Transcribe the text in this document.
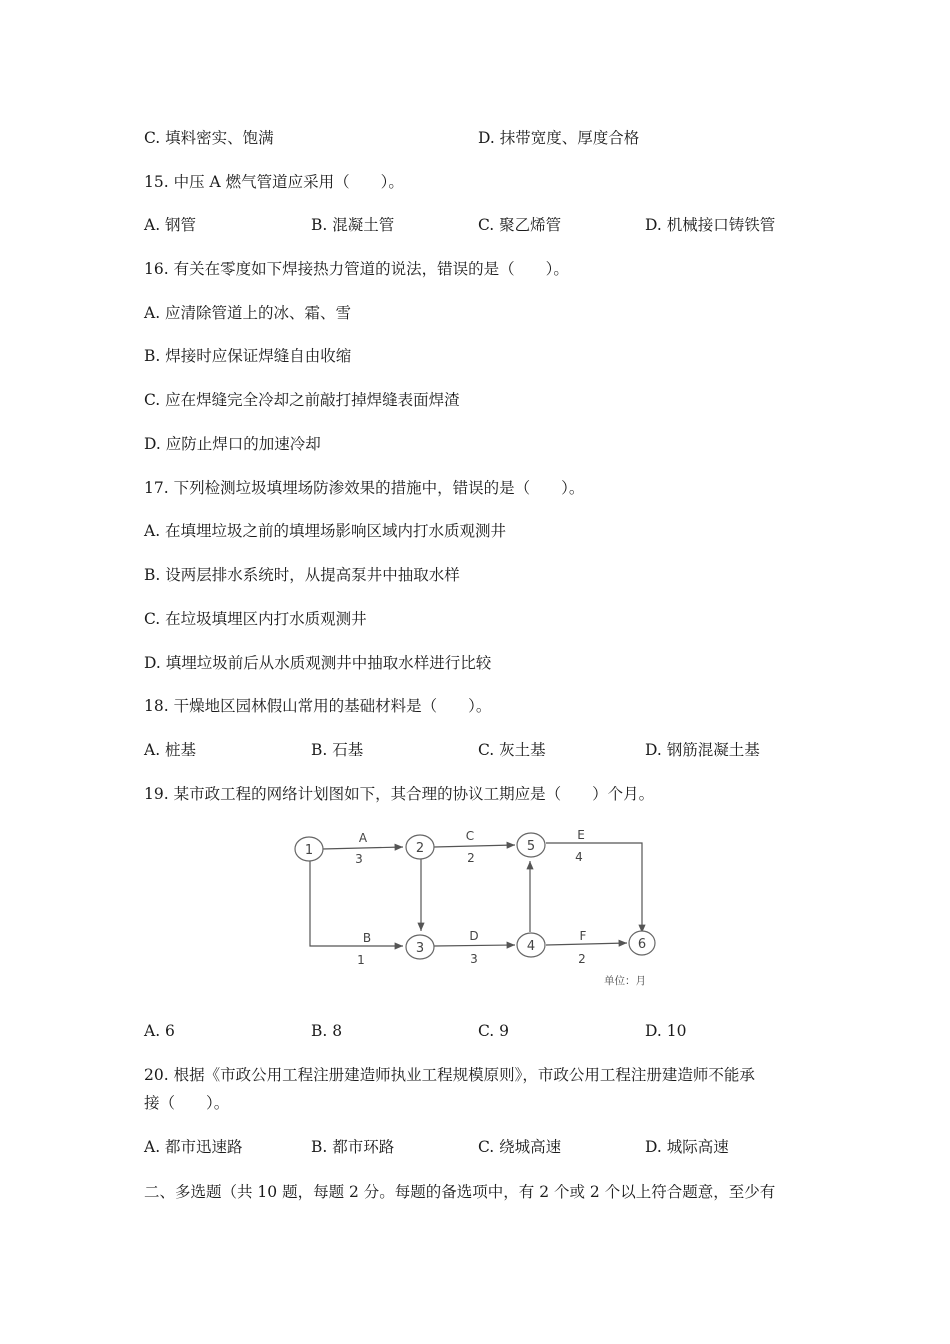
C. 填料密实、饱满	D. 抹带宽度、厚度合格
15. 中压 A 燃气管道应采用（　　）。
A. 钢管	B. 混凝土管	C. 聚乙烯管	D. 机械接口铸铁管
16. 有关在零度如下焊接热力管道的说法，错误的是（　　）。
A. 应清除管道上的冰、霜、雪
B. 焊接时应保证焊缝自由收缩
C. 应在焊缝完全冷却之前敲打掉焊缝表面焊渣
D. 应防止焊口的加速冷却
17. 下列检测垃圾填埋场防渗效果的措施中，错误的是（　　）。
A. 在填埋垃圾之前的填埋场影响区域内打水质观测井
B. 设两层排水系统时，从提高泵井中抽取水样
C. 在垃圾填埋区内打水质观测井
D. 填埋垃圾前后从水质观测井中抽取水样进行比较
18. 干燥地区园林假山常用的基础材料是（　　）。
A. 桩基	B. 石基	C. 灰土基	D. 钢筋混凝土基
19. 某市政工程的网络计划图如下，其合理的协议工期应是（　　）个月。
1	2
3	4
5
6
A
3
B
1
C
2
D
3
E
4
F
2
单位：月
A. 6	B. 8	C. 9	D. 10
20. 根据《市政公用工程注册建造师执业工程规模原则》，市政公用工程注册建造师不能承
接（　　）。
A. 都市迅速路	B. 都市环路	C. 绕城高速	D. 城际高速
二、多选题（共 10 题，每题 2 分。每题的备选项中，有 2 个或 2 个以上符合题意，至少有
